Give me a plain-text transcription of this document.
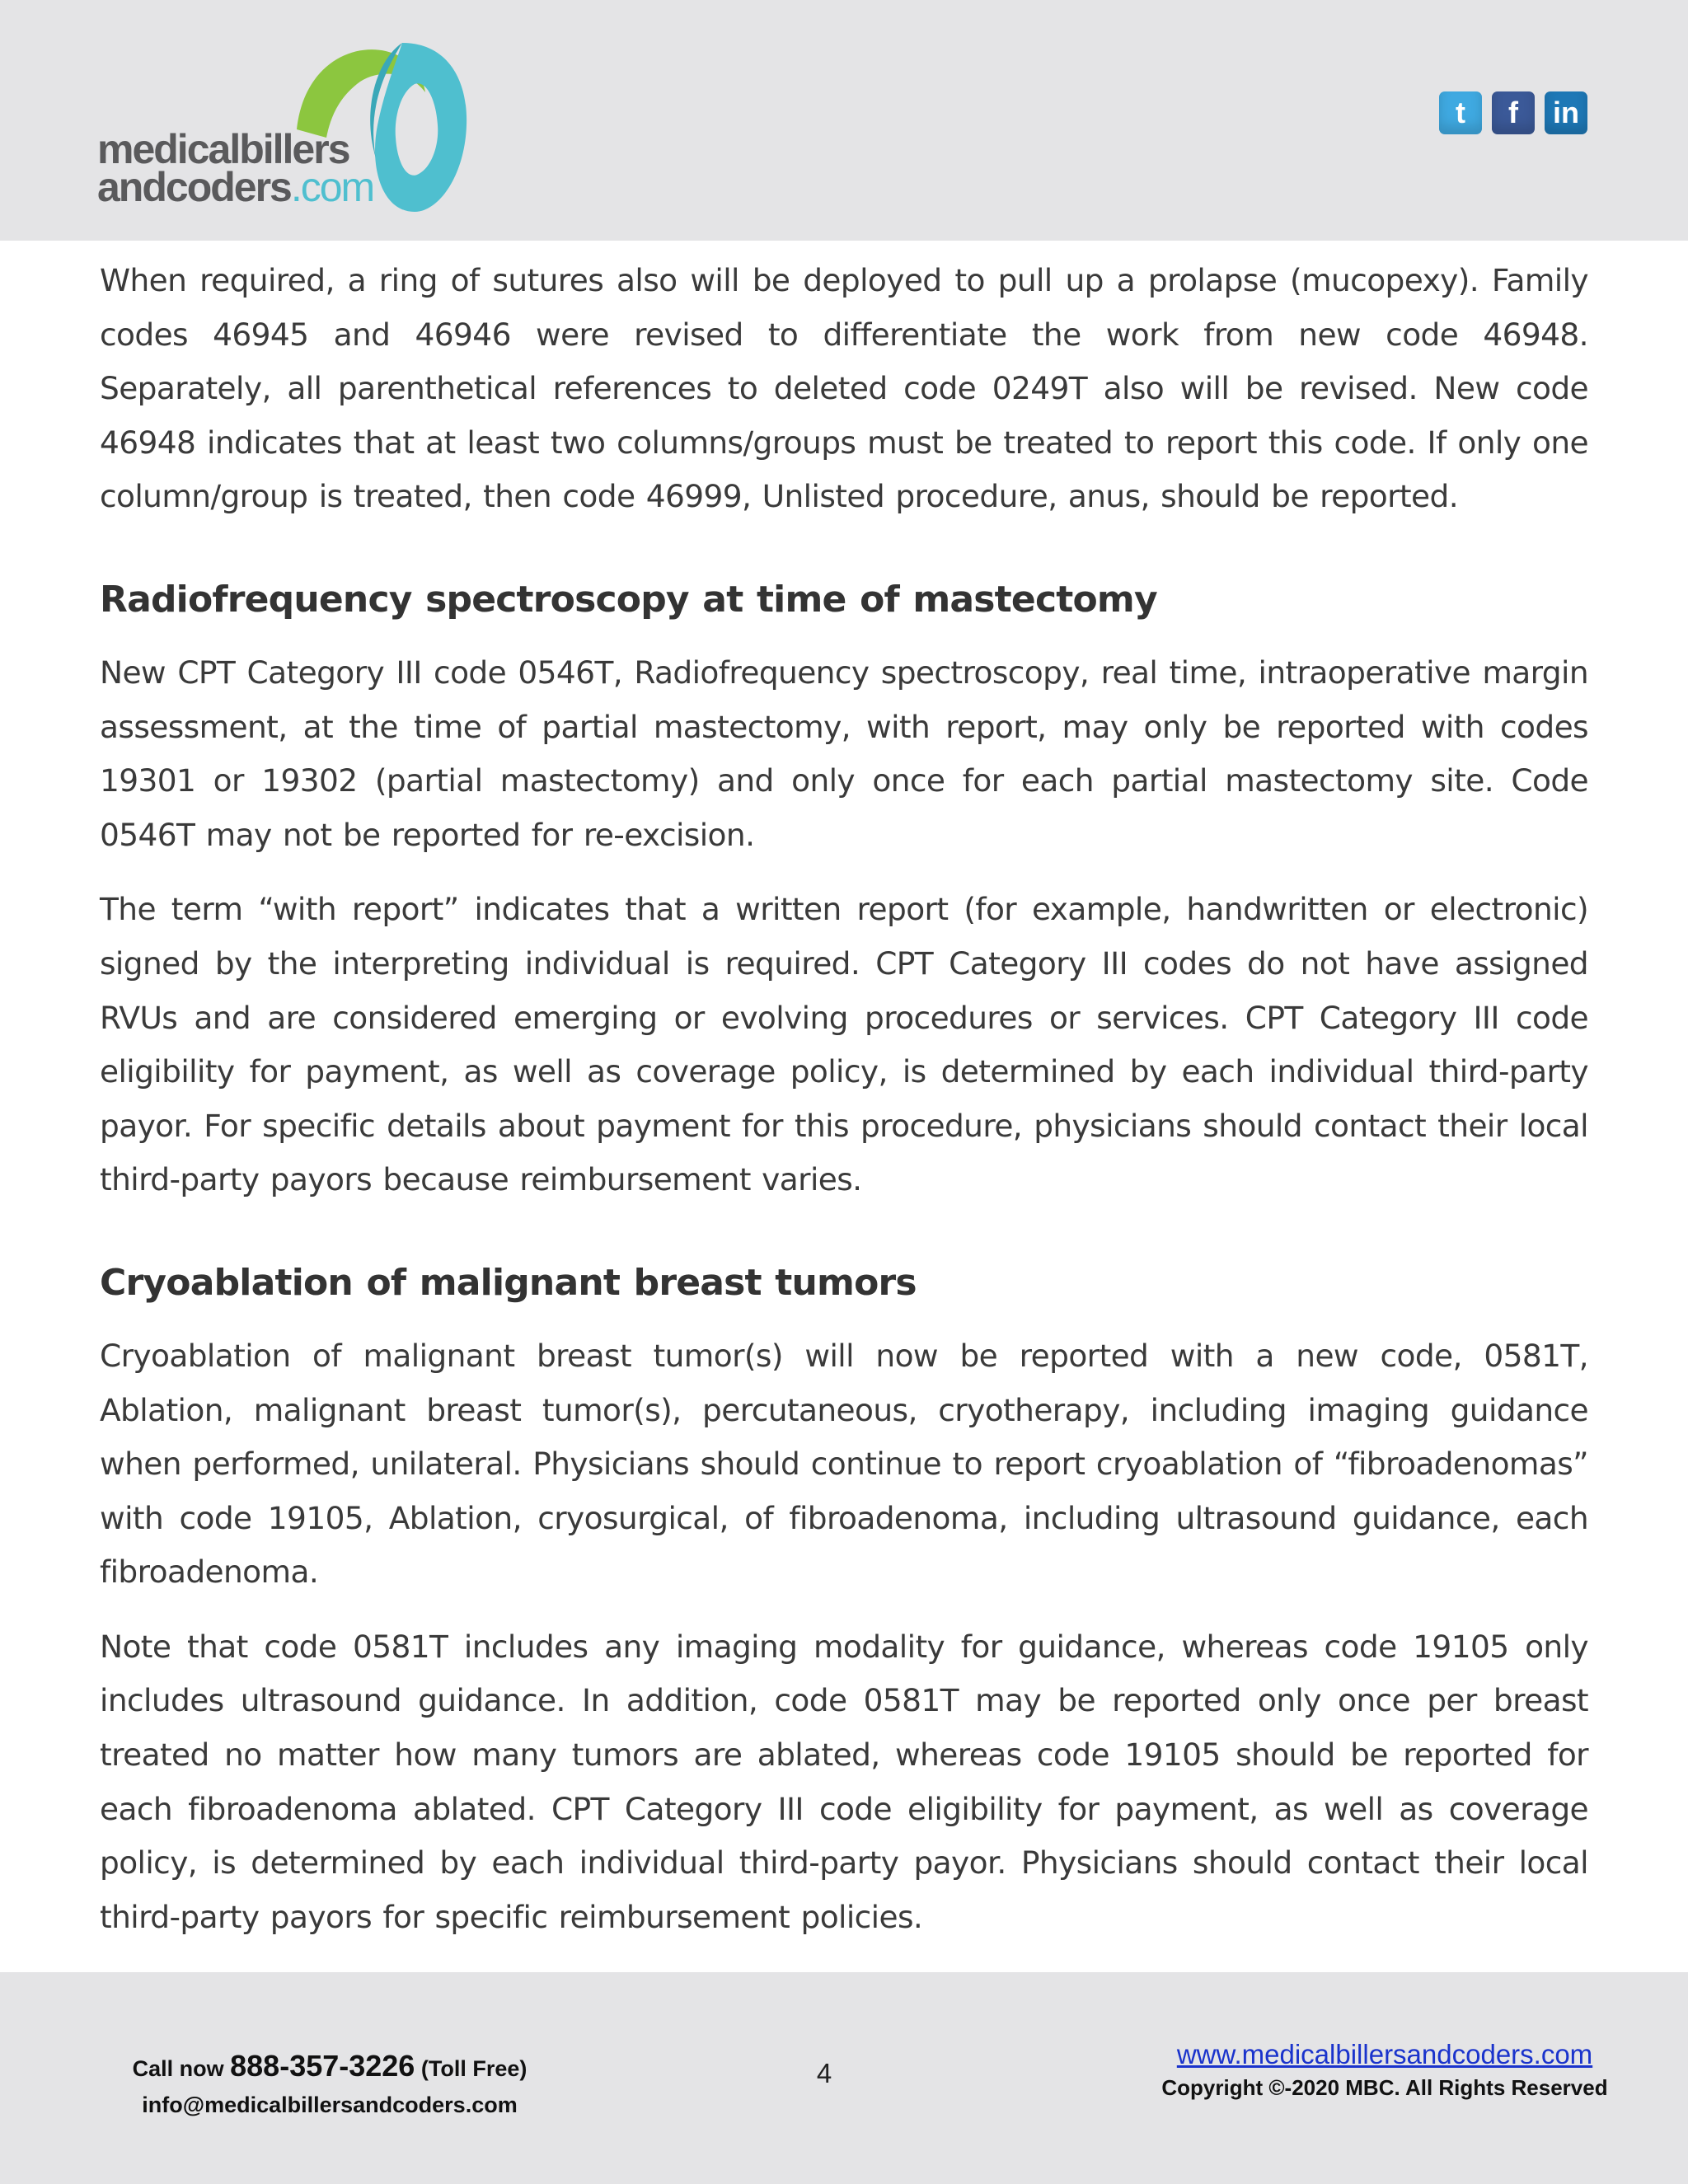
medicalbillers
andcoders.com
t f in

When required, a ring of sutures also will be deployed to pull up a prolapse (mucopexy). Family codes 46945 and 46946 were revised to differentiate the work from new code 46948. Separately, all parenthetical references to deleted code 0249T also will be revised. New code 46948 indicates that at least two columns/groups must be treated to report this code. If only one column/group is treated, then code 46999, Unlisted procedure, anus, should be reported.

Radiofrequency spectroscopy at time of mastectomy

New CPT Category III code 0546T, Radiofrequency spectroscopy, real time, intraoperative margin assessment, at the time of partial mastectomy, with report, may only be reported with codes 19301 or 19302 (partial mastectomy) and only once for each partial mastectomy site. Code 0546T may not be reported for re-excision.

The term “with report” indicates that a written report (for example, handwritten or electronic) signed by the interpreting individual is required. CPT Category III codes do not have assigned RVUs and are considered emerging or evolving procedures or services. CPT Category III code eligibility for payment, as well as coverage policy, is determined by each individual third-party payor. For specific details about payment for this procedure, physicians should contact their local third-party payors because reimbursement varies.

Cryoablation of malignant breast tumors

Cryoablation of malignant breast tumor(s) will now be reported with a new code, 0581T, Ablation, malignant breast tumor(s), percutaneous, cryotherapy, including imaging guidance when performed, unilateral. Physicians should continue to report cryoablation of “fibroadenomas” with code 19105, Ablation, cryosurgical, of fibroadenoma, including ultrasound guidance, each fibroadenoma.

Note that code 0581T includes any imaging modality for guidance, whereas code 19105 only includes ultrasound guidance. In addition, code 0581T may be reported only once per breast treated no matter how many tumors are ablated, whereas code 19105 should be reported for each fibroadenoma ablated. CPT Category III code eligibility for payment, as well as coverage policy, is determined by each individual third-party payor. Physicians should contact their local third-party payors for specific reimbursement policies.

Call now 888-357-3226 (Toll Free)
info@medicalbillersandcoders.com
4
www.medicalbillersandcoders.com
Copyright ©-2020 MBC. All Rights Reserved
